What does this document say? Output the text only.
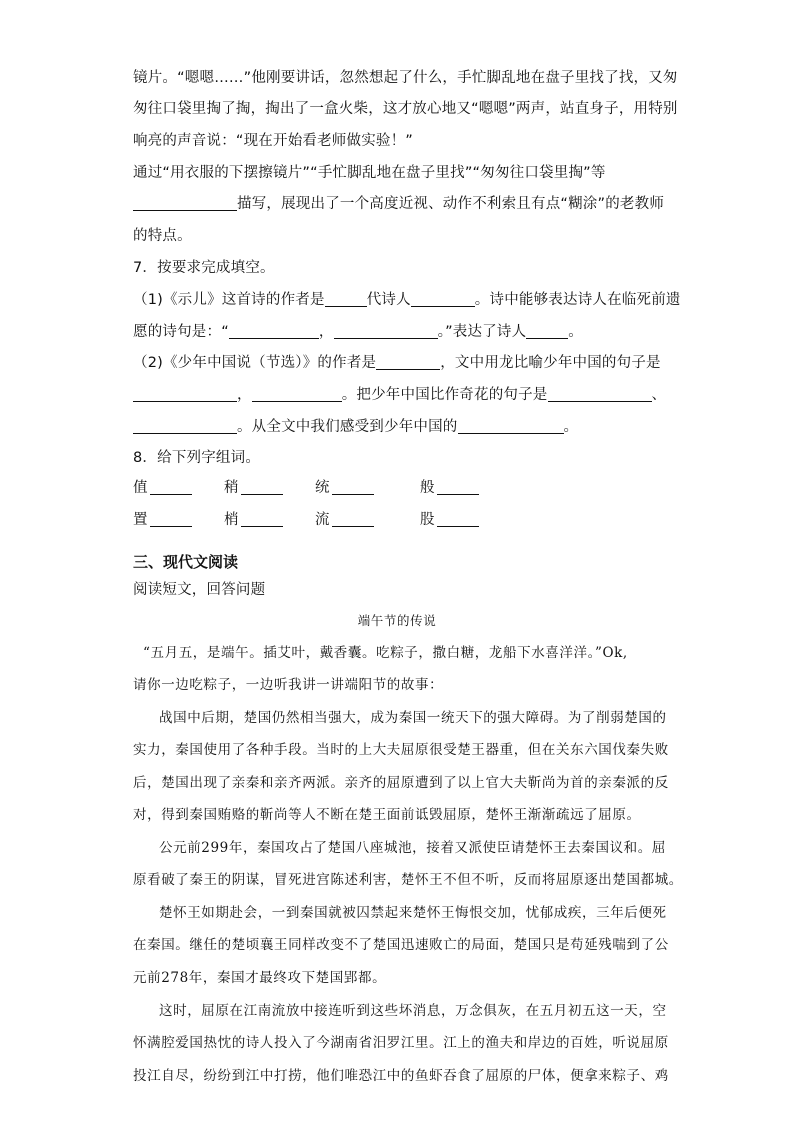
镜片。“嗯嗯……”他刚要讲话，忽然想起了什么，手忙脚乱地在盘子里找了找，又匆
匆往口袋里掏了掏，掏出了一盒火柴，这才放心地又“嗯嗯”两声，站直身子，用特别
响亮的声音说：“现在开始看老师做实验！”
通过“用衣服的下摆擦镜片”“手忙脚乱地在盘子里找”“匆匆往口袋里掏”等
描写，展现出了一个高度近视、动作不利索且有点“糊涂”的老教师
的特点。
7．按要求完成填空。
（1)《示儿》这首诗的作者是	代诗人	。诗中能够表达诗人在临死前遗
愿的诗句是：“	，	。”表达了诗人	。
（2)《少年中国说（节选）》的作者是	，文中用龙比喻少年中国的句子是
，	。把少年中国比作奇花的句子是	、
。从全文中我们感受到少年中国的	。
8．给下列字组词。
值	稍	统	般
置	梢	流	股
三、现代文阅读
阅读短文，回答问题
端午节的传说
“五月五，是端午。插艾叶，戴香囊。吃粽子，撒白糖，龙船下水喜洋洋。”Ok,
请你一边吃粽子，一边听我讲一讲端阳节的故事：
战国中后期，楚国仍然相当强大，成为秦国一统天下的强大障碍。为了削弱楚国的
实力，秦国使用了各种手段。当时的上大夫屈原很受楚王器重，但在关东六国伐秦失败
后，楚国出现了亲秦和亲齐两派。亲齐的屈原遭到了以上官大夫靳尚为首的亲秦派的反
对，得到秦国贿赂的靳尚等人不断在楚王面前诋毁屈原，楚怀王渐渐疏远了屈原。
公元前299年，秦国攻占了楚国八座城池，接着又派使臣请楚怀王去秦国议和。屈
原看破了秦王的阴谋，冒死进宫陈述利害，楚怀王不但不听，反而将屈原逐出楚国都城。
楚怀王如期赴会，一到秦国就被囚禁起来楚怀王悔恨交加，忧郁成疾，三年后便死
在秦国。继任的楚顷襄王同样改变不了楚国迅速败亡的局面，楚国只是苟延残喘到了公
元前278年，秦国才最终攻下楚国郢都。
这时，屈原在江南流放中接连听到这些坏消息，万念俱灰，在五月初五这一天，空
怀满腔爱国热忱的诗人投入了今湖南省汨罗江里。江上的渔夫和岸边的百姓，听说屈原
投江自尽，纷纷到江中打捞，他们唯恐江中的鱼虾吞食了屈原的尸体，便拿来粽子、鸡
